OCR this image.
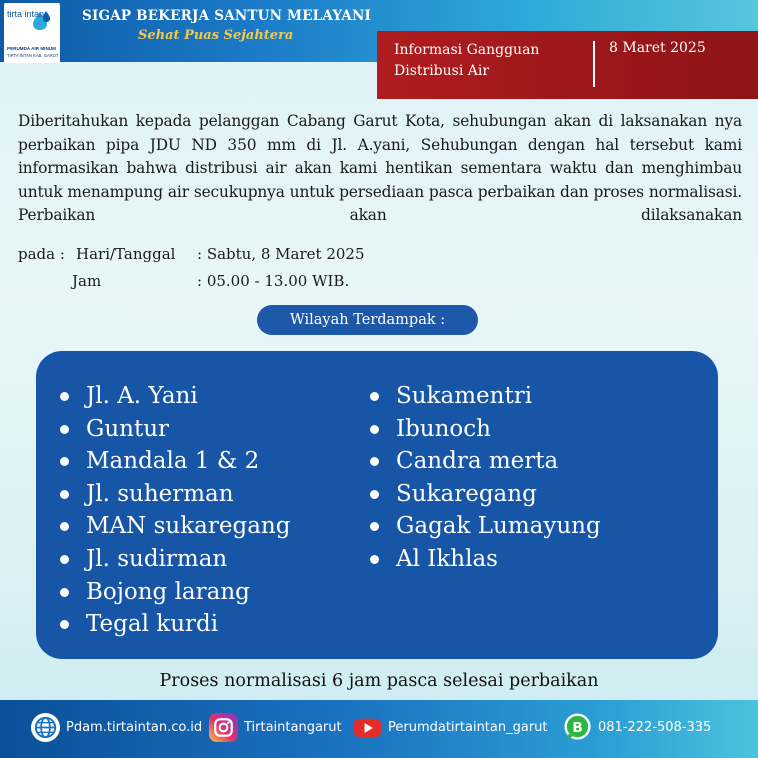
tirta intan
PERUMDA AIR MINUM
TIRTA INTAN KAB. GARUT
SIGAP BEKERJA SANTUN MELAYANI
Sehat Puas Sejahtera
Informasi Gangguan Distribusi Air
8 Maret 2025
Diberitahukan kepada pelanggan Cabang Garut Kota, sehubungan akan di laksanakan nya perbaikan pipa JDU ND 350 mm di Jl. A.yani, Sehubungan dengan hal tersebut kami informasikan bahwa distribusi air akan kami hentikan sementara waktu dan menghimbau untuk menampung air secukupnya untuk persediaan pasca perbaikan dan proses normalisasi. Perbaikan akan dilaksanakan
pada : Hari/Tanggal : Sabtu, 8 Maret 2025
Jam	: 05.00 - 13.00 WIB.
Wilayah Terdampak :
Jl. A. Yani
Guntur
Mandala 1 & 2
Jl. suherman
MAN sukaregang
Jl. sudirman
Bojong larang
Tegal kurdi
Sukamentri
Ibunoch
Candra merta
Sukaregang
Gagak Lumayung
Al Ikhlas
Proses normalisasi 6 jam pasca selesai perbaikan
Pdam.tirtaintan.co.id	Tirtaintangarut	Perumdatirtaintan_garut B 081-222-508-335
